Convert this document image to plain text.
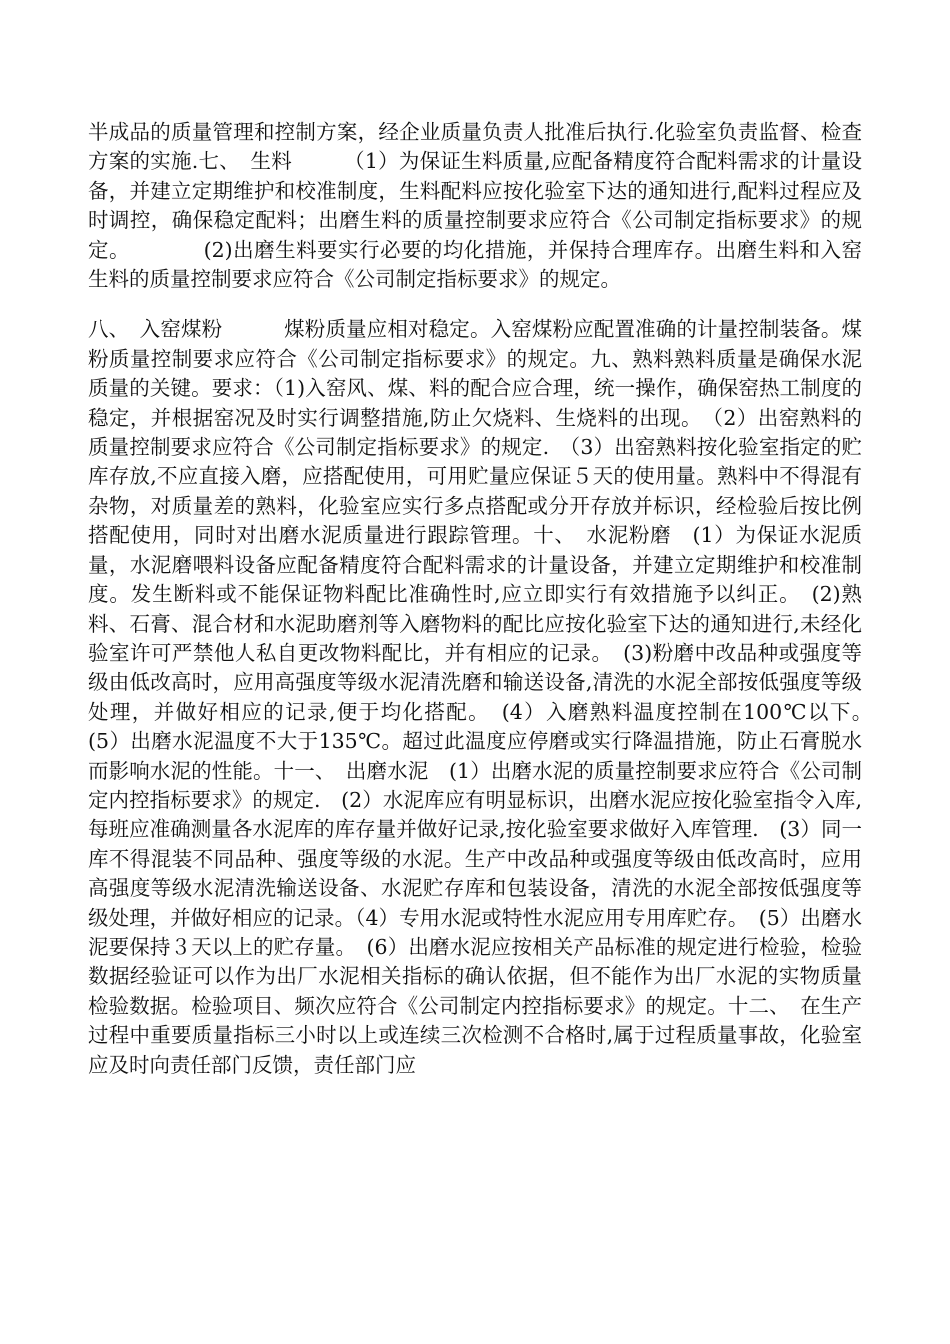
半成品的质量管理和控制方案，经企业质量负责人批准后执行.化验室负责监督、检查方案的实施.七、　生料　　　（1）为保证生料质量,应配备精度符合配料需求的计量设备，并建立定期维护和校准制度，生料配料应按化验室下达的通知进行,配料过程应及时调控，确保稳定配料；出磨生料的质量控制要求应符合《公司制定指标要求》的规定。　　　　(2)出磨生料要实行必要的均化措施，并保持合理库存。出磨生料和入窑生料的质量控制要求应符合《公司制定指标要求》的规定。

八、　入窑煤粉　　　煤粉质量应相对稳定。入窑煤粉应配置准确的计量控制装备。煤粉质量控制要求应符合《公司制定指标要求》的规定。九、熟料熟料质量是确保水泥质量的关键。要求：（1)入窑风、煤、料的配合应合理，统一操作，确保窑热工制度的稳定，并根据窑况及时实行调整措施,防止欠烧料、生烧料的出现。　（2）出窑熟料的质量控制要求应符合《公司制定指标要求》的规定.　（3）出窑熟料按化验室指定的贮库存放,不应直接入磨，应搭配使用，可用贮量应保证５天的使用量。熟料中不得混有杂物，对质量差的熟料，化验室应实行多点搭配或分开存放并标识，经检验后按比例搭配使用，同时对出磨水泥质量进行跟踪管理。十、　水泥粉磨　(1）为保证水泥质量，水泥磨喂料设备应配备精度符合配料需求的计量设备，并建立定期维护和校准制度。发生断料或不能保证物料配比准确性时,应立即实行有效措施予以纠正。　(2)熟料、石膏、混合材和水泥助磨剂等入磨物料的配比应按化验室下达的通知进行,未经化验室许可严禁他人私自更改物料配比，并有相应的记录。　(3)粉磨中改品种或强度等级由低改高时，应用高强度等级水泥清洗磨和输送设备,清洗的水泥全部按低强度等级处理，并做好相应的记录,便于均化搭配。　(4）入磨熟料温度控制在100℃以下。　(5）出磨水泥温度不大于135℃。超过此温度应停磨或实行降温措施，防止石膏脱水而影响水泥的性能。十一、　出磨水泥　(1）出磨水泥的质量控制要求应符合《公司制定内控指标要求》的规定.　(2）水泥库应有明显标识，出磨水泥应按化验室指令入库,每班应准确测量各水泥库的库存量并做好记录,按化验室要求做好入库管理.　(3）同一库不得混装不同品种、强度等级的水泥。生产中改品种或强度等级由低改高时，应用高强度等级水泥清洗输送设备、水泥贮存库和包装设备，清洗的水泥全部按低强度等级处理，并做好相应的记录。（4）专用水泥或特性水泥应用专用库贮存。　(5）出磨水泥要保持３天以上的贮存量。　(6）出磨水泥应按相关产品标准的规定进行检验，检验数据经验证可以作为出厂水泥相关指标的确认依据，但不能作为出厂水泥的实物质量检验数据。检验项目、频次应符合《公司制定内控指标要求》的规定。十二、　在生产过程中重要质量指标三小时以上或连续三次检测不合格时,属于过程质量事故，化验室应及时向责任部门反馈，责任部门应
